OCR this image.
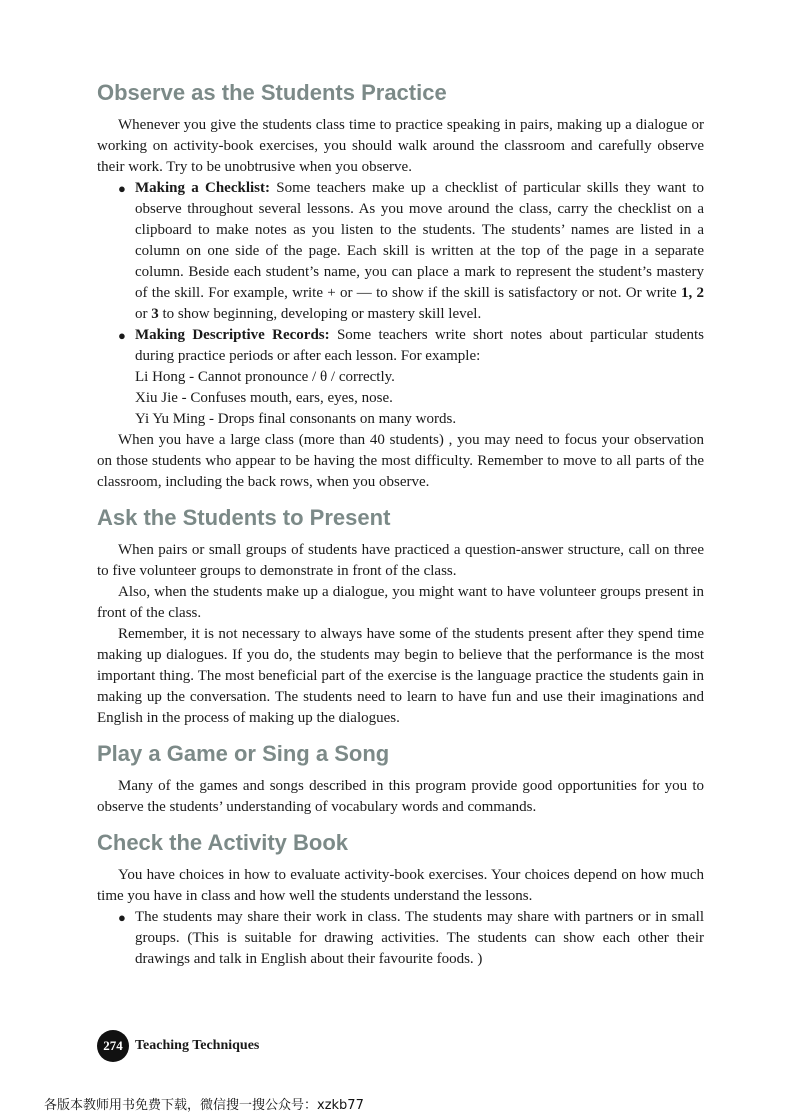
Observe as the Students Practice

Whenever you give the students class time to practice speaking in pairs, making up a dialogue or working on activity-book exercises, you should walk around the classroom and carefully observe their work. Try to be unobtrusive when you observe.

● Making a Checklist: Some teachers make up a checklist of particular skills they want to observe throughout several lessons. As you move around the class, carry the checklist on a clipboard to make notes as you listen to the students. The students’ names are listed in a column on one side of the page. Each skill is written at the top of the page in a separate column. Beside each student’s name, you can place a mark to represent the student’s mastery of the skill. For example, write + or — to show if the skill is satisfactory or not. Or write 1, 2 or 3 to show beginning, developing or mastery skill level.

● Making Descriptive Records: Some teachers write short notes about particular students during practice periods or after each lesson. For example:

Li Hong - Cannot pronounce / θ / correctly.

Xiu Jie - Confuses mouth, ears, eyes, nose.

Yi Yu Ming - Drops final consonants on many words.

When you have a large class (more than 40 students) , you may need to focus your observation on those students who appear to be having the most difficulty. Remember to move to all parts of the classroom, including the back rows, when you observe.

Ask the Students to Present

When pairs or small groups of students have practiced a question-answer structure, call on three to five volunteer groups to demonstrate in front of the class.

Also, when the students make up a dialogue, you might want to have volunteer groups present in front of the class.

Remember, it is not necessary to always have some of the students present after they spend time making up dialogues. If you do, the students may begin to believe that the performance is the most important thing. The most beneficial part of the exercise is the language practice the students gain in making up the conversation. The students need to learn to have fun and use their imaginations and English in the process of making up the dialogues.

Play a Game or Sing a Song

Many of the games and songs described in this program provide good opportunities for you to observe the students’ understanding of vocabulary words and commands.

Check the Activity Book

You have choices in how to evaluate activity-book exercises. Your choices depend on how much time you have in class and how well the students understand the lessons.

● The students may share their work in class. The students may share with partners or in small groups. (This is suitable for drawing activities. The students can show each other their drawings and talk in English about their favourite foods. )

274 Teaching Techniques
各版本教师用书免费下载，微信搜一搜公众号：xzkb77
